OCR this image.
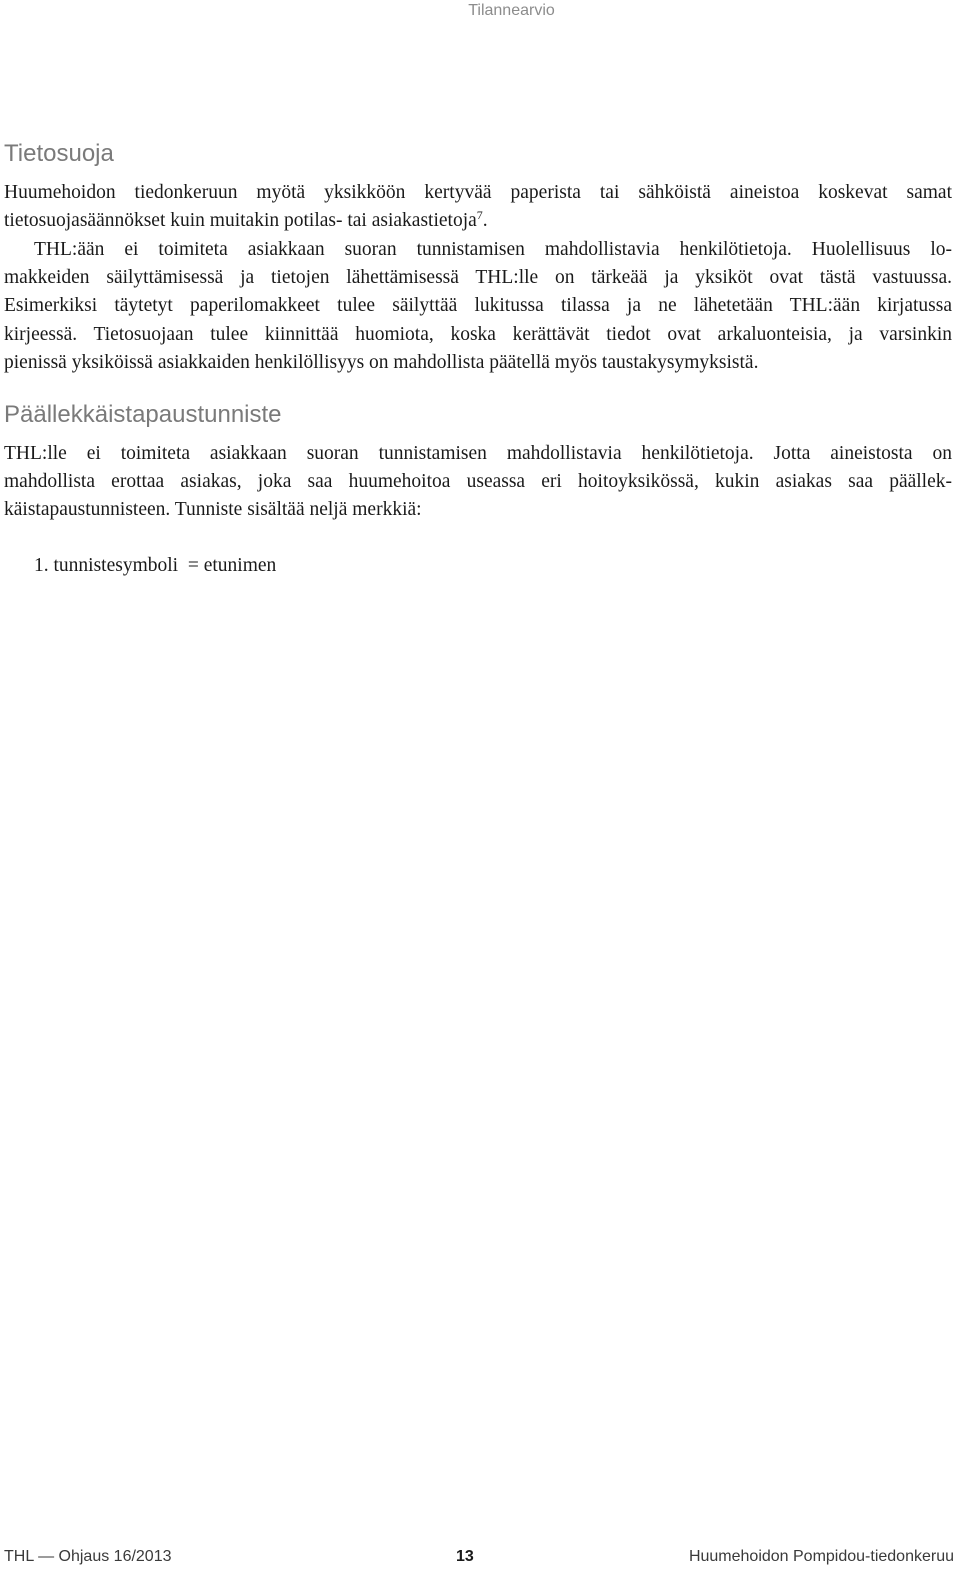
Tilannearvio
Tietosuoja
Huumehoidon tiedonkeruun myötä yksikköön kertyvää paperista tai sähköistä aineistoa koskevat samat
tietosuojasäännökset kuin muitakin potilas- tai asiakastietoja$^7$.
THL:ään ei toimiteta asiakkaan suoran tunnistamisen mahdollistavia henkilötietoja. Huolellisuus lo-
makkeiden säilyttämisessä ja tietojen lähettämisessä THL:lle on tärkeää ja yksiköt ovat tästä vastuussa.
Esimerkiksi täytetyt paperilomakkeet tulee säilyttää lukitussa tilassa ja ne lähetetään THL:ään kirjatussa
kirjeessä. Tietosuojaan tulee kiinnittää huomiota, koska kerättävät tiedot ovat arkaluonteisia, ja varsinkin
pienissä yksiköissä asiakkaiden henkilöllisyys on mahdollista päätellä myös taustakysymyksistä.
Päällekkäistapaustunniste
THL:lle ei toimiteta asiakkaan suoran tunnistamisen mahdollistavia henkilötietoja. Jotta aineistosta on
mahdollista erottaa asiakas, joka saa huumehoitoa useassa eri hoitoyksikössä, kukin asiakas saa päällek-
käistapaustunnisteen. Tunniste sisältää neljä merkkiä:
1. tunnistesymboli = etunimen
THL — Ohjaus 16/2013	13	Huumehoidon Pompidou-tiedonkeruu
